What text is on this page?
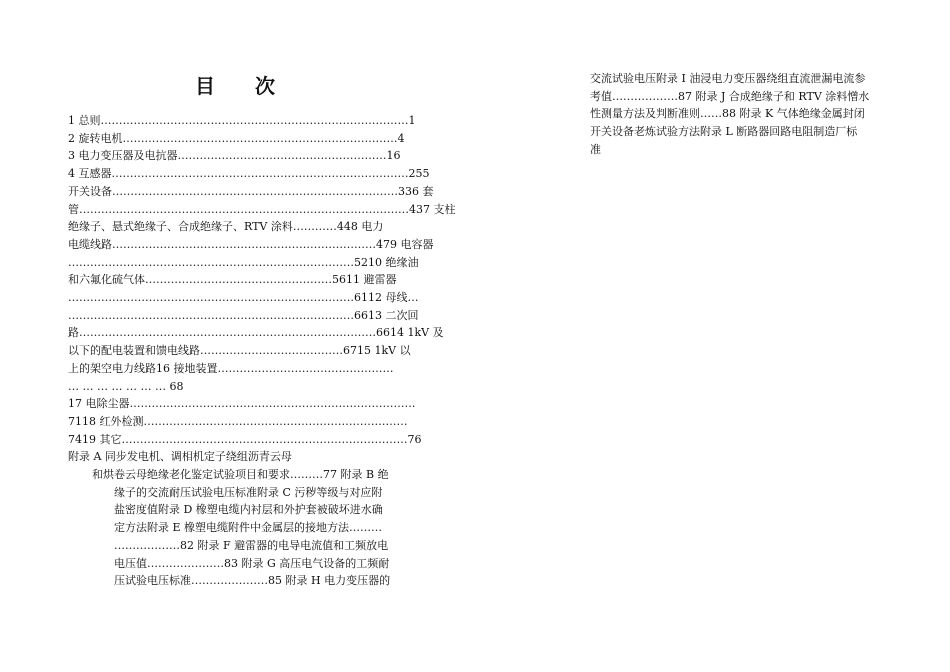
目 次
1 总则…………………………………………………………………………1
2 旋转电机…………………………………………………………………4
3 电力变压器及电抗器…………………………………………………16
4 互感器………………………………………………………………………255
开关设备……………………………………………………………………336 套
管………………………………………………………………………………437 支柱
绝缘子、悬式绝缘子、合成绝缘子、RTV 涂料…………448 电力
电缆线路………………………………………………………………479 电容器
……………………………………………………………………5210 绝缘油
和六氟化硫气体……………………………………………5611 避雷器
……………………………………………………………………6112 母线…
……………………………………………………………………6613 二次回
路………………………………………………………………………6614 1kV 及
以下的配电装置和馈电线路…………………………………6715 1kV 以
上的架空电力线路16 接地装置…………………………………………
… … … … … … … 68
17 电除尘器……………………………………………………………………
7118 红外检测………………………………………………………………
7419 其它……………………………………………………………………76
附录 A 同步发电机、调相机定子绕组沥青云母
和烘卷云母绝缘老化鉴定试验项目和要求………77 附录 B 绝
缘子的交流耐压试验电压标准附录 C 污秽等级与对应附
盐密度值附录 D 橡塑电缆内衬层和外护套被破坏进水确
定方法附录 E 橡塑电缆附件中金属层的接地方法………
………………82 附录 F 避雷器的电导电流值和工频放电
电压值…………………83 附录 G 高压电气设备的工频耐
压试验电压标准…………………85 附录 H 电力变压器的
交流试验电压附录 I 油浸电力变压器绕组直流泄漏电流参
考值………………87 附录 J 合成绝缘子和 RTV 涂料憎水
性测量方法及判断准则……88 附录 K 气体绝缘金属封闭
开关设备老炼试验方法附录 L 断路器回路电阻制造厂标
准
